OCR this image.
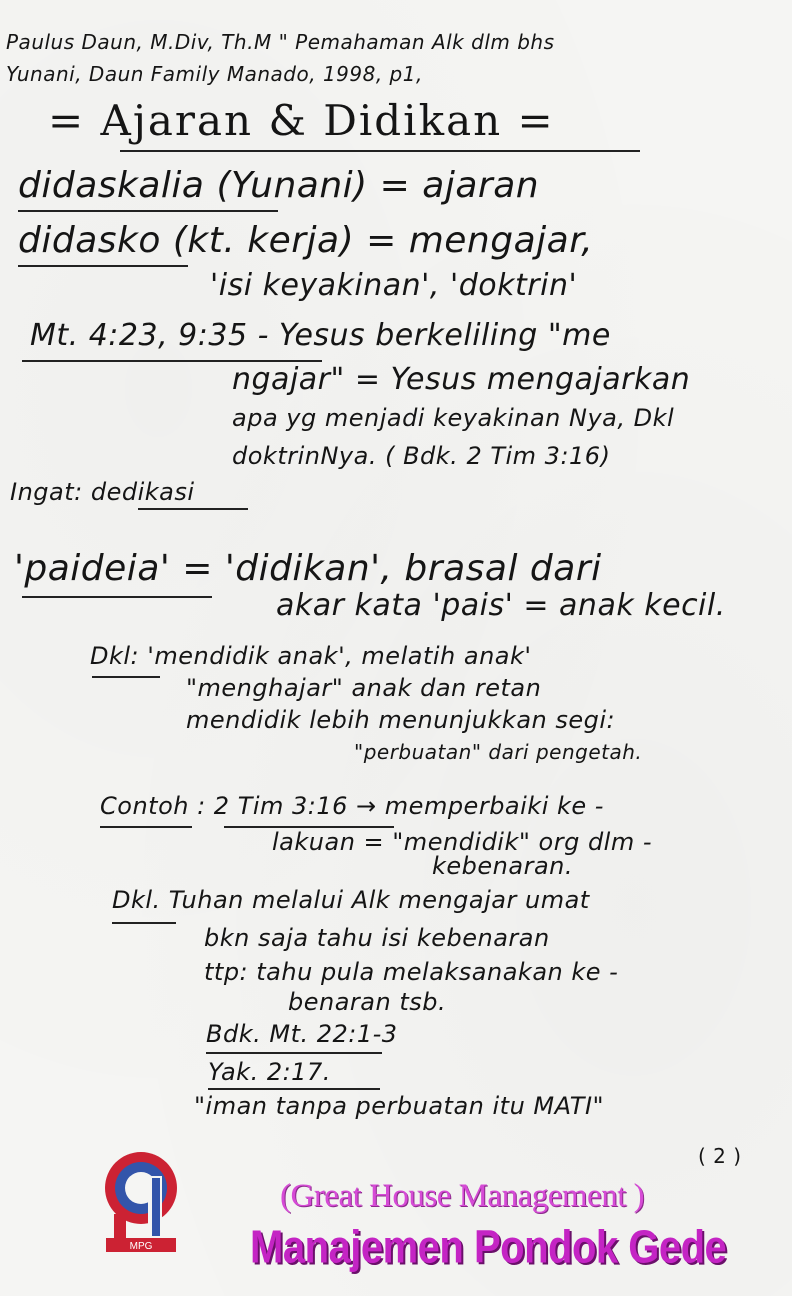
Paulus Daun, M.Div, Th.M " Pemahaman Alk dlm bhs
Yunani, Daun Family Manado, 1998, p1,
= Ajaran & Didikan =
didaskalia (Yunani) = ajaran
didasko (kt. kerja) = mengajar,
'isi keyakinan', 'doktrin'
Mt. 4:23, 9:35 - Yesus berkeliling "me
ngajar" = Yesus mengajarkan
apa yg menjadi keyakinan Nya, Dkl
doktrinNya. ( Bdk. 2 Tim 3:16)
Ingat: dedikasi
'paideia' = 'didikan', brasal dari
akar kata 'pais' = anak kecil.
Dkl: 'mendidik anak', melatih anak'
"menghajar" anak dan retan
mendidik lebih menunjukkan segi:
"perbuatan" dari pengetah.
Contoh : 2 Tim 3:16 → memperbaiki ke -
lakuan = "mendidik" org dlm -
kebenaran.
Dkl. Tuhan melalui Alk mengajar umat
bkn saja tahu isi kebenaran
ttp: tahu pula melaksanakan ke -
benaran tsb.
Bdk. Mt. 22:1-3
Yak. 2:17.
"iman tanpa perbuatan itu MATI"
( 2 )
MPG
(Great House Management )
Manajemen Pondok Gede
